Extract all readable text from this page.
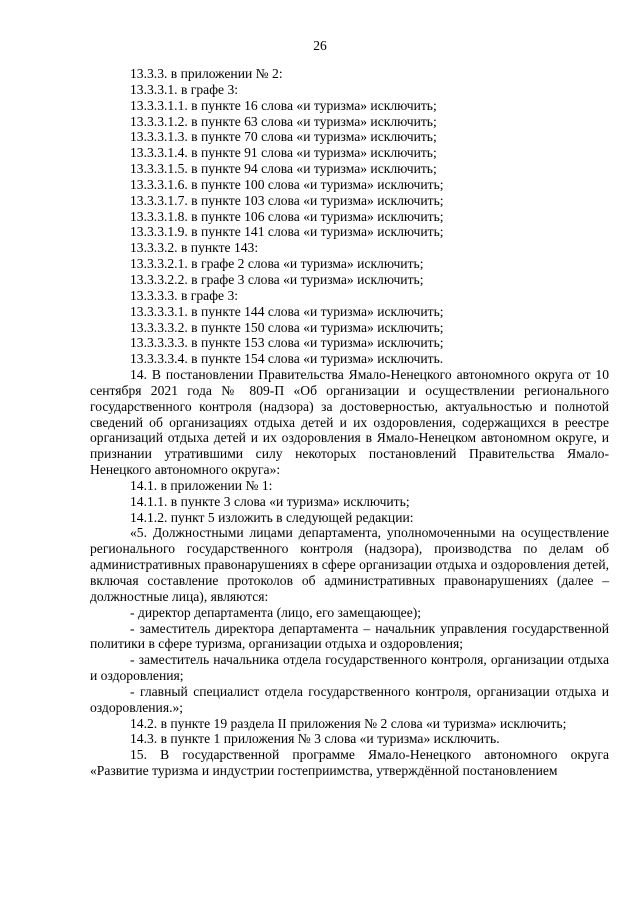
26
13.3.3. в приложении № 2:
13.3.3.1. в графе 3:
13.3.3.1.1. в пункте 16 слова «и туризма» исключить;
13.3.3.1.2. в пункте 63 слова «и туризма» исключить;
13.3.3.1.3. в пункте 70 слова «и туризма» исключить;
13.3.3.1.4. в пункте 91 слова «и туризма» исключить;
13.3.3.1.5. в пункте 94 слова «и туризма» исключить;
13.3.3.1.6. в пункте 100 слова «и туризма» исключить;
13.3.3.1.7. в пункте 103 слова «и туризма» исключить;
13.3.3.1.8. в пункте 106 слова «и туризма» исключить;
13.3.3.1.9. в пункте 141 слова «и туризма» исключить;
13.3.3.2. в пункте 143:
13.3.3.2.1. в графе 2 слова «и туризма» исключить;
13.3.3.2.2. в графе 3 слова «и туризма» исключить;
13.3.3.3. в графе 3:
13.3.3.3.1. в пункте 144 слова «и туризма» исключить;
13.3.3.3.2. в пункте 150 слова «и туризма» исключить;
13.3.3.3.3. в пункте 153 слова «и туризма» исключить;
13.3.3.3.4. в пункте 154 слова «и туризма» исключить.
14. В постановлении Правительства Ямало-Ненецкого автономного округа от 10 сентября 2021 года № 809-П «Об организации и осуществлении регионального государственного контроля (надзора) за достоверностью, актуальностью и полнотой сведений об организациях отдыха детей и их оздоровления, содержащихся в реестре организаций отдыха детей и их оздоровления в Ямало-Ненецком автономном округе, и признании утратившими силу некоторых постановлений Правительства Ямало-Ненецкого автономного округа»:
14.1. в приложении № 1:
14.1.1. в пункте 3 слова «и туризма» исключить;
14.1.2. пункт 5 изложить в следующей редакции:
«5. Должностными лицами департамента, уполномоченными на осуществление регионального государственного контроля (надзора), производства по делам об административных правонарушениях в сфере организации отдыха и оздоровления детей, включая составление протоколов об административных правонарушениях (далее – должностные лица), являются:
- директор департамента (лицо, его замещающее);
- заместитель директора департамента – начальник управления государственной политики в сфере туризма, организации отдыха и оздоровления;
- заместитель начальника отдела государственного контроля, организации отдыха и оздоровления;
- главный специалист отдела государственного контроля, организации отдыха и оздоровления.»;
14.2. в пункте 19 раздела II приложения № 2 слова «и туризма» исключить;
14.3. в пункте 1 приложения № 3 слова «и туризма» исключить.
15. В государственной программе Ямало-Ненецкого автономного округа «Развитие туризма и индустрии гостеприимства, утверждённой постановлением
